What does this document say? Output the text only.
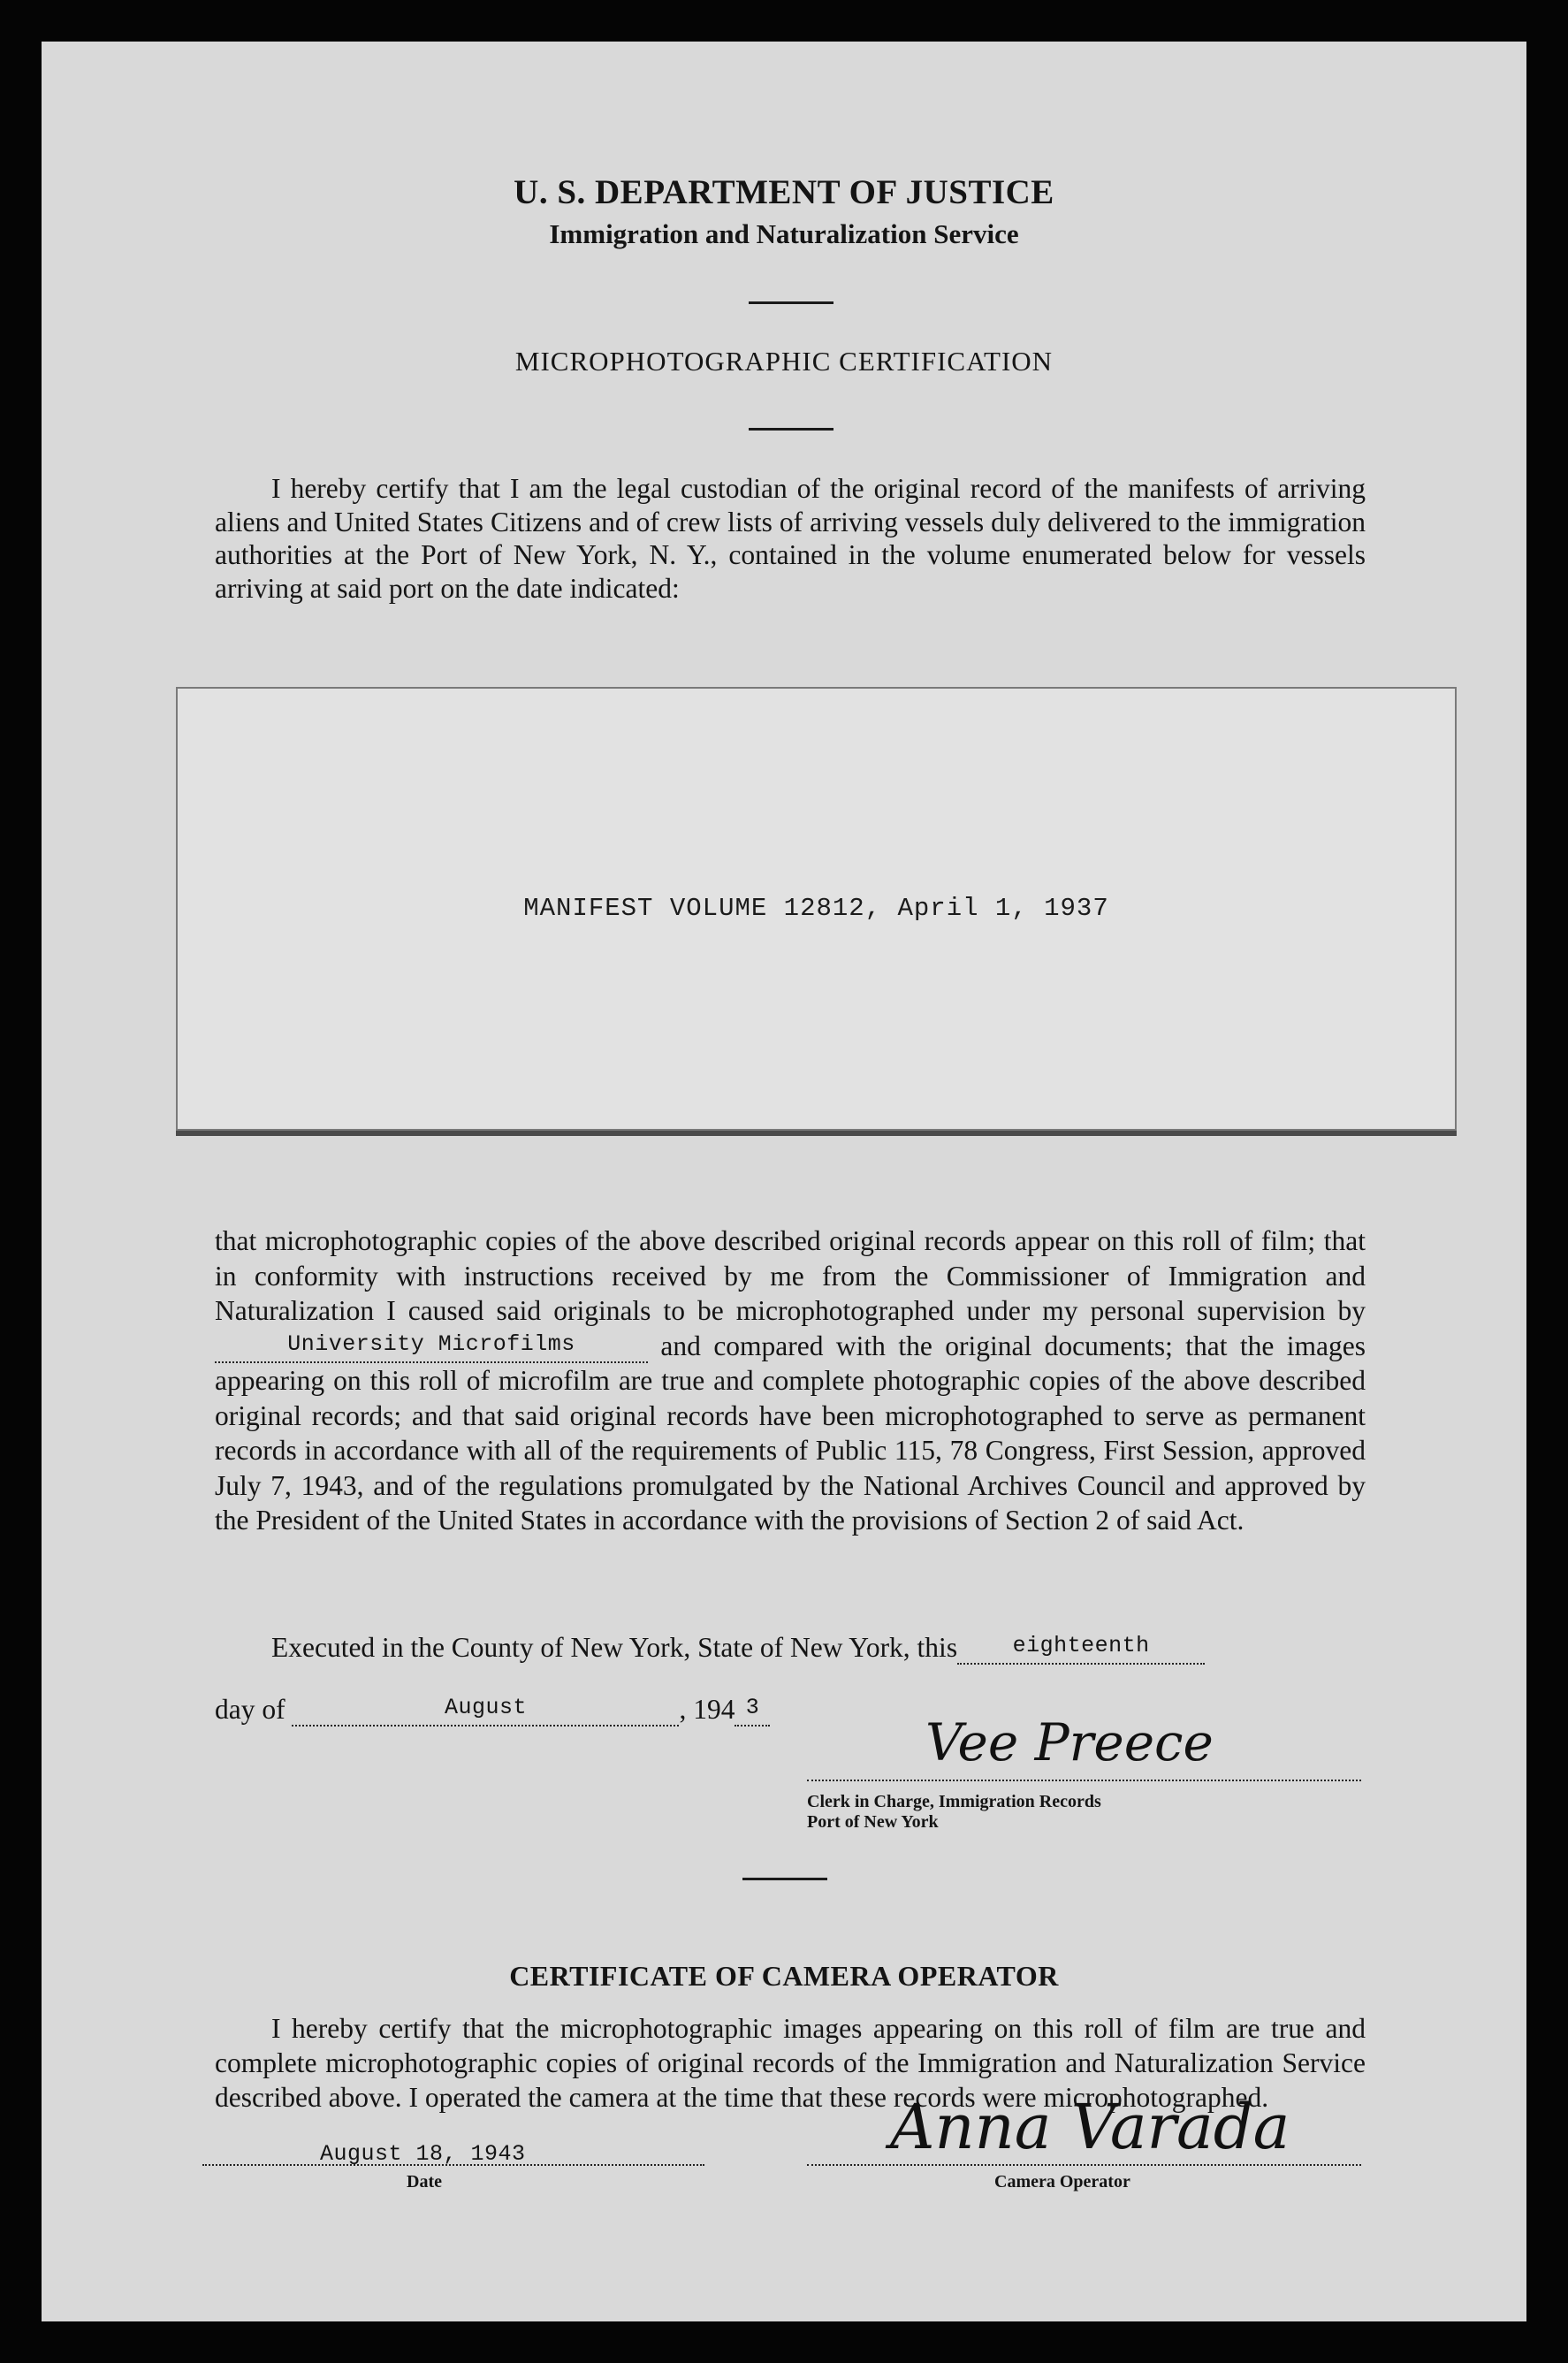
U. S. DEPARTMENT OF JUSTICE
Immigration and Naturalization Service
MICROPHOTOGRAPHIC CERTIFICATION
I hereby certify that I am the legal custodian of the original record of the manifests of arriving aliens and United States Citizens and of crew lists of arriving vessels duly delivered to the immigration authorities at the Port of New York, N. Y., contained in the volume enumerated below for vessels arriving at said port on the date indicated:
MANIFEST VOLUME 12812, April 1, 1937
that microphotographic copies of the above described original records appear on this roll of film; that in conformity with instructions received by me from the Commissioner of Immigration and Naturalization I caused said originals to be microphotographed under my personal supervision by University Microfilms	and compared with the original documents; that the images appearing on this roll of microfilm are true and complete photographic copies of the above described original records; and that said original records have been microphotographed to serve as permanent records in accordance with all of the requirements of Public 115, 78 Congress, First Session, approved July 7, 1943, and of the regulations promulgated by the National Archives Council and approved by the President of the United States in accordance with the provisions of Section 2 of said Act.
Executed in the County of New York, State of New York, this eighteenth
day of	August	, 194 3
Vee Preece
Clerk in Charge, Immigration Records
Port of New York
CERTIFICATE OF CAMERA OPERATOR
I hereby certify that the microphotographic images appearing on this roll of film are true and complete microphotographic copies of original records of the Immigration and Naturalization Service described above. I operated the camera at the time that these records were microphotographed.
August 18, 1943
Date
Anna Varada
Camera Operator
